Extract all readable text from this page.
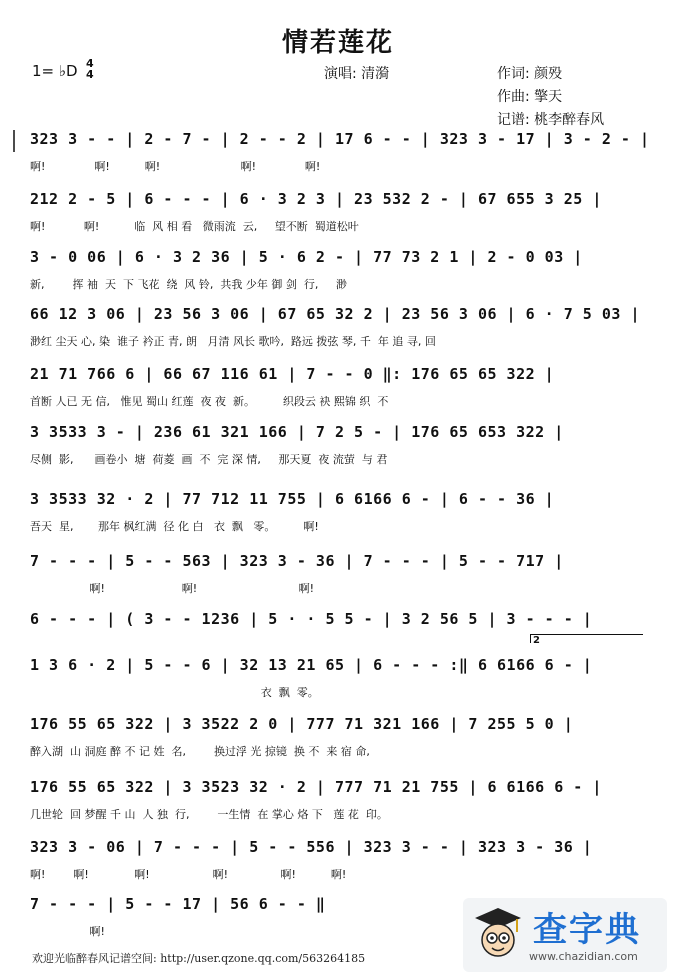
情若莲花
1= ♭D 4
4	演唱: 清漪	作词: 颜殁
作曲: 擎天
记谱: 桃李醉春风
323 3 - - | 2 - 7 - | 2 - - 2 | 17 6 - - | 323 3 - 17 | 3 - 2 - |
啊!              啊!          啊!                       啊!              啊!
212 2 - 5 | 6 - - - | 6 · 3 2 3 | 23 532 2 - | 67 655 3 25 |
啊!           啊!          临  风 相 看   微雨流  云,     望不断  蜀道松叶
3 - 0 06 | 6 · 3 2 36 | 5 · 6 2 - | 77 73 2 1 | 2 - 0 03 |
新,        挥 袖  天  下 飞花  绕  风 铃,  共我 少年 御 剑  行,     渺
66 12 3 06 | 23 56 3 06 | 67 65 32 2 | 23 56 3 06 | 6 · 7 5 03 |
渺红 尘天 心, 染  谁子 衿正 青, 朗   月清 风长 歌吟,  路远 拨弦 琴, 千  年 追 寻, 回
21 71 766 6 | 66 67 116 61 | 7 - - 0 ‖: 176 65 65 322 |
首断 人已 无 信,   惟见 蜀山 红莲  夜 夜  新。        织段云 袂 熙锦 织  不
3 3533 3 - | 236 61 321 166 | 7 2 5 - | 176 65 653 322 |
尽侧  影,      画卷小  塘  荷菱  画  不  完 深 情,     那天夏  夜 流萤  与 君
3 3533 32 · 2 | 77 712 11 755 | 6 6166 6 - | 6 - - 36 |
吾天  星,       那年 枫红满  径 化 白   衣  飘   零。        啊!
7 - - - | 5 - - 563 | 323 3 - 36 | 7 - - - | 5 - - 717 |
啊!                      啊!                             啊!
6 - - - | ( 3 - - 1236 | 5 · · 5 5 - | 3 2 56 5 | 3 - - - |
2
1 3 6 · 2 | 5 - - 6 | 32 13 21 65 | 6 - - - :‖ 6 6166 6 - |
衣  飘  零。
176 55 65 322 | 3 3522 2 0 | 777 71 321 166 | 7 255 5 0 |
醉入湖  山 洞庭 醉 不 记 姓  名,        换过浮 光 掠镜  换 不  来 宿 命,
176 55 65 322 | 3 3523 32 · 2 | 777 71 21 755 | 6 6166 6 - |
几世轮  回 梦醒 千 山  人 独  行,        一生情  在 掌心 烙 下   莲 花  印。
323 3 - 06 | 7 - - - | 5 - - 556 | 323 3 - - | 323 3 - 36 |
啊!        啊!             啊!                  啊!               啊!          啊!
7 - - - | 5 - - 17 | 56 6 - - ‖
啊!
欢迎光临醉春风记谱空间: http://user.qzone.qq.com/563264185
查字典
www.chazidian.com
